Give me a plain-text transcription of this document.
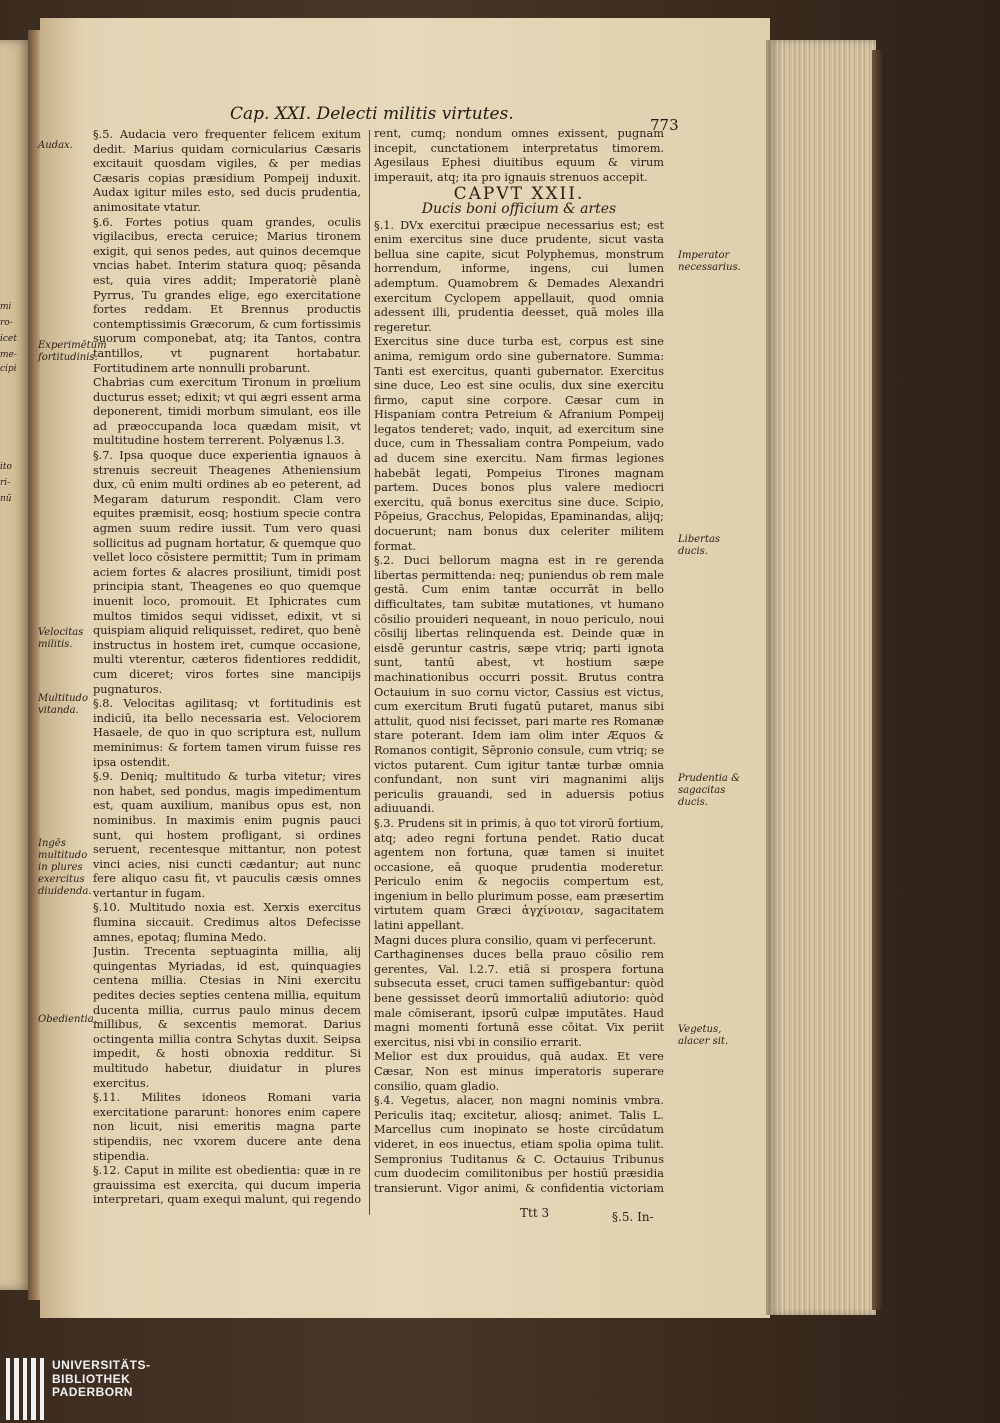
mi
ro-
icet
me-
cipi
ito
ri-
nū
Cap. XXI. Delecti militis virtutes.
773
Audax.
Experimētum fortitudinis.
Velocitas militis.
Multitudo vitanda.
Ingēs multitudo in plures exercitus diuidenda.
Obedientia.
Imperator necessarius.
Libertas ducis.
Prudentia & sagacitas ducis.
Vegetus, alacer sit.

§.5. Audacia vero frequenter felicem exitum dedit. Marius quidam cornicularius Cæsaris excitauit quosdam vigiles, & per medias Cæsaris copias præsidium Pompeij induxit. Audax igitur miles esto, sed ducis prudentia, animositate vtatur.

§.6. Fortes potius quam grandes, oculis vigilacibus, erecta ceruice; Marius tironem exigit, qui senos pedes, aut quinos decemque vncias habet. Interim statura quoq; pēsanda est, quia vires addit; Imperatoriè planè Pyrrus, Tu grandes elige, ego exercitatione fortes reddam. Et Brennus productis contemptissimis Græcorum, & cum fortissimis suorum componebat, atq; ita Tantos, contra tantillos, vt pugnarent hortabatur. Fortitudinem arte nonnulli probarunt.

Chabrias cum exercitum Tironum in prœlium ducturus esset; edixit; vt qui ægri essent arma deponerent, timidi morbum simulant, eos ille ad præoccupanda loca quædam misit, vt multitudine hostem terrerent. Polyænus l.3.

§.7. Ipsa quoque duce experientia ignauos à strenuis secreuit Theagenes Atheniensium dux, cū enim multi ordines ab eo peterent, ad Megaram daturum respondit. Clam vero equites præmisit, eosq; hostium specie contra agmen suum redire iussit. Tum vero quasi sollicitus ad pugnam hortatur, & quemque quo vellet loco cōsistere permittit; Tum in primam aciem fortes & alacres prosiliunt, timidi post principia stant, Theagenes eo quo quemque inuenit loco, promouit. Et Iphicrates cum multos timidos sequi vidisset, edixit, vt si quispiam aliquid reliquisset, rediret, quo benè instructus in hostem iret, cumque occasione, multi vterentur, cæteros fidentiores reddidit, cum diceret; viros fortes sine mancipijs pugnaturos.

§.8. Velocitas agilitasq; vt fortitudinis est indiciū, ita bello necessaria est. Velociorem Hasaele, de quo in quo scriptura est, nullum meminimus: & fortem tamen virum fuisse res ipsa ostendit.

§.9. Deniq; multitudo & turba vitetur; vires non habet, sed pondus, magis impedimentum est, quam auxilium, manibus opus est, non nominibus. In maximis enim pugnis pauci sunt, qui hostem profligant, si ordines seruent, recentesque mittantur, non potest vinci acies, nisi cuncti cædantur; aut nunc fere aliquo casu fit, vt pauculis cæsis omnes vertantur in fugam.

§.10. Multitudo noxia est. Xerxis exercitus flumina siccauit. Credimus altos Defecisse amnes, epotaq; flumina Medo.

Justin. Trecenta septuaginta millia, alij quingentas Myriadas, id est, quinquagies centena millia. Ctesias in Nini exercitu pedites decies septies centena millia, equitum ducenta millia, currus paulo minus decem millibus, & sexcentis memorat. Darius octingenta millia contra Schytas duxit. Seipsa impedit, & hosti obnoxia redditur. Si multitudo habetur, diuidatur in plures exercitus.

§.11. Milites idoneos Romani varia exercitatione pararunt: honores enim capere non licuit, nisi emeritis magna parte stipendiis, nec vxorem ducere ante dena stipendia.

§.12. Caput in milite est obedientia: quæ in re grauissima est exercita, qui ducum imperia interpretari, quam exequi malunt, qui regendo

rent, cumq; nondum omnes exissent, pugnam incepit, cunctationem interpretatus timorem. Agesilaus Ephesi diuitibus equum & virum imperauit, atq; ita pro ignauis strenuos accepit.

CAPVT XXII.
Ducis boni officium & artes

§.1. DVx exercitui præcipue necessarius est; est enim exercitus sine duce prudente, sicut vasta bellua sine capite, sicut Polyphemus, monstrum horrendum, informe, ingens, cui lumen ademptum. Quamobrem & Demades Alexandri exercitum Cyclopem appellauit, quod omnia adessent illi, prudentia deesset, quā moles illa regeretur.

Exercitus sine duce turba est, corpus est sine anima, remigum ordo sine gubernatore. Summa: Tanti est exercitus, quanti gubernator. Exercitus sine duce, Leo est sine oculis, dux sine exercitu firmo, caput sine corpore. Cæsar cum in Hispaniam contra Petreium & Afranium Pompeij legatos tenderet; vado, inquit, ad exercitum sine duce, cum in Thessaliam contra Pompeium, vado ad ducem sine exercitu. Nam firmas legiones habebāt legati, Pompeius Tirones magnam partem. Duces bonos plus valere mediocri exercitu, quā bonus exercitus sine duce. Scipio, Pōpeius, Gracchus, Pelopidas, Epaminandas, alijq; docuerunt; nam bonus dux celeriter militem format.

§.2. Duci bellorum magna est in re gerenda libertas permittenda: neq; puniendus ob rem male gestā. Cum enim tantæ occurrāt in bello difficultates, tam subitæ mutationes, vt humano cōsilio prouideri nequeant, in nouo periculo, noui cōsilij libertas relinquenda est. Deinde quæ in eisdē geruntur castris, sæpe vtriq; parti ignota sunt, tantū abest, vt hostium sæpe machinationibus occurri possit. Brutus contra Octauium in suo cornu victor, Cassius est victus, cum exercitum Bruti fugatū putaret, manus sibi attulit, quod nisi fecisset, pari marte res Romanæ stare poterant. Idem iam olim inter Æquos & Romanos contigit, Sēpronio consule, cum vtriq; se victos putarent. Cum igitur tantæ turbæ omnia confundant, non sunt viri magnanimi alijs periculis grauandi, sed in aduersis potius adiuuandi.

§.3. Prudens sit in primis, à quo tot virorū fortium, atq; adeo regni fortuna pendet. Ratio ducat agentem non fortuna, quæ tamen si inuitet occasione, eā quoque prudentia moderetur. Periculo enim & negociis compertum est, ingenium in bello plurimum posse, eam præsertim virtutem quam Græci ἀγχίνοιαν, sagacitatem latini appellant.

Magni duces plura consilio, quam vi perfecerunt.

Carthaginenses duces bella prauo cōsilio rem gerentes, Val. l.2.7. etiā si prospera fortuna subsecuta esset, cruci tamen suffigebantur: quòd bene gessisset deorū immortaliū adiutorio: quòd male cōmiserant, ipsorū culpæ imputātes. Haud magni momenti fortunā esse cōitat. Vix periit exercitus, nisi vbi in consilio errarit.

Melior est dux prouidus, quā audax. Et vere Cæsar, Non est minus imperatoris superare consilio, quam gladio.

§.4. Vegetus, alacer, non magni nominis vmbra. Periculis itaq; excitetur, aliosq; animet. Talis L. Marcellus cum inopinato se hoste circūdatum videret, in eos inuectus, etiam spolia opima tulit. Sempronius Tuditanus & C. Octauius Tribunus cum duodecim comilitonibus per hostiū præsidia transierunt. Vigor animi, & confidentia victoriam

Ttt 3	§.5. In-
UNIVERSITÄTS-
BIBLIOTHEK
PADERBORN
